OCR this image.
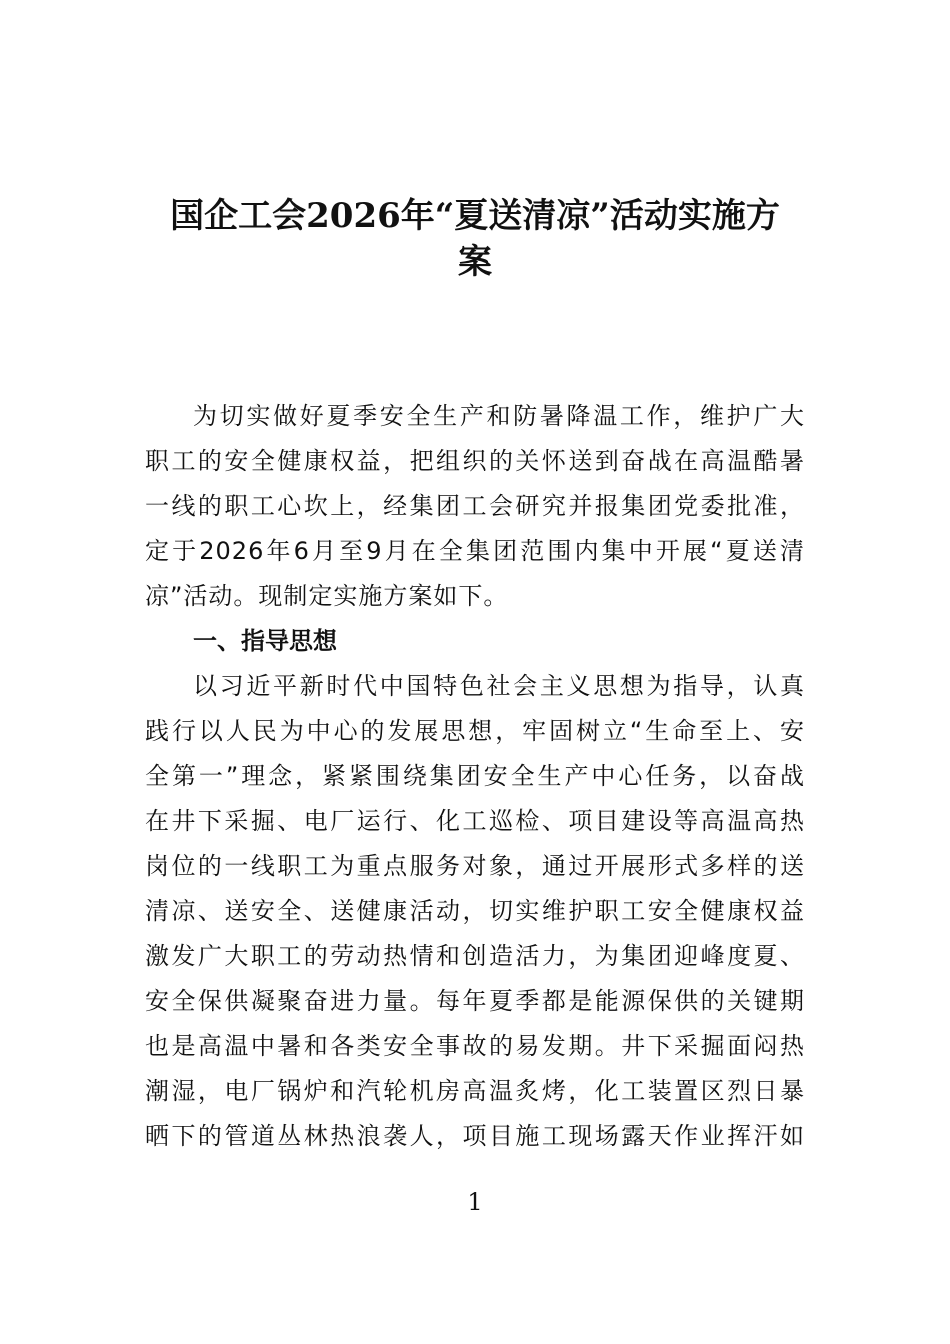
国企工会2026年“夏送清凉”活动实施方
案
为切实做好夏季安全生产和防暑降温工作，维护广大
职工的安全健康权益，把组织的关怀送到奋战在高温酷暑
一线的职工心坎上，经集团工会研究并报集团党委批准，
定于2026年6月至9月在全集团范围内集中开展“夏送清
凉”活动。现制定实施方案如下。
一、指导思想
以习近平新时代中国特色社会主义思想为指导，认真
践行以人民为中心的发展思想，牢固树立“生命至上、安
全第一”理念，紧紧围绕集团安全生产中心任务，以奋战
在井下采掘、电厂运行、化工巡检、项目建设等高温高热
岗位的一线职工为重点服务对象，通过开展形式多样的送
清凉、送安全、送健康活动，切实维护职工安全健康权益
激发广大职工的劳动热情和创造活力，为集团迎峰度夏、
安全保供凝聚奋进力量。每年夏季都是能源保供的关键期
也是高温中暑和各类安全事故的易发期。井下采掘面闷热
潮湿，电厂锅炉和汽轮机房高温炙烤，化工装置区烈日暴
晒下的管道丛林热浪袭人，项目施工现场露天作业挥汗如
1
